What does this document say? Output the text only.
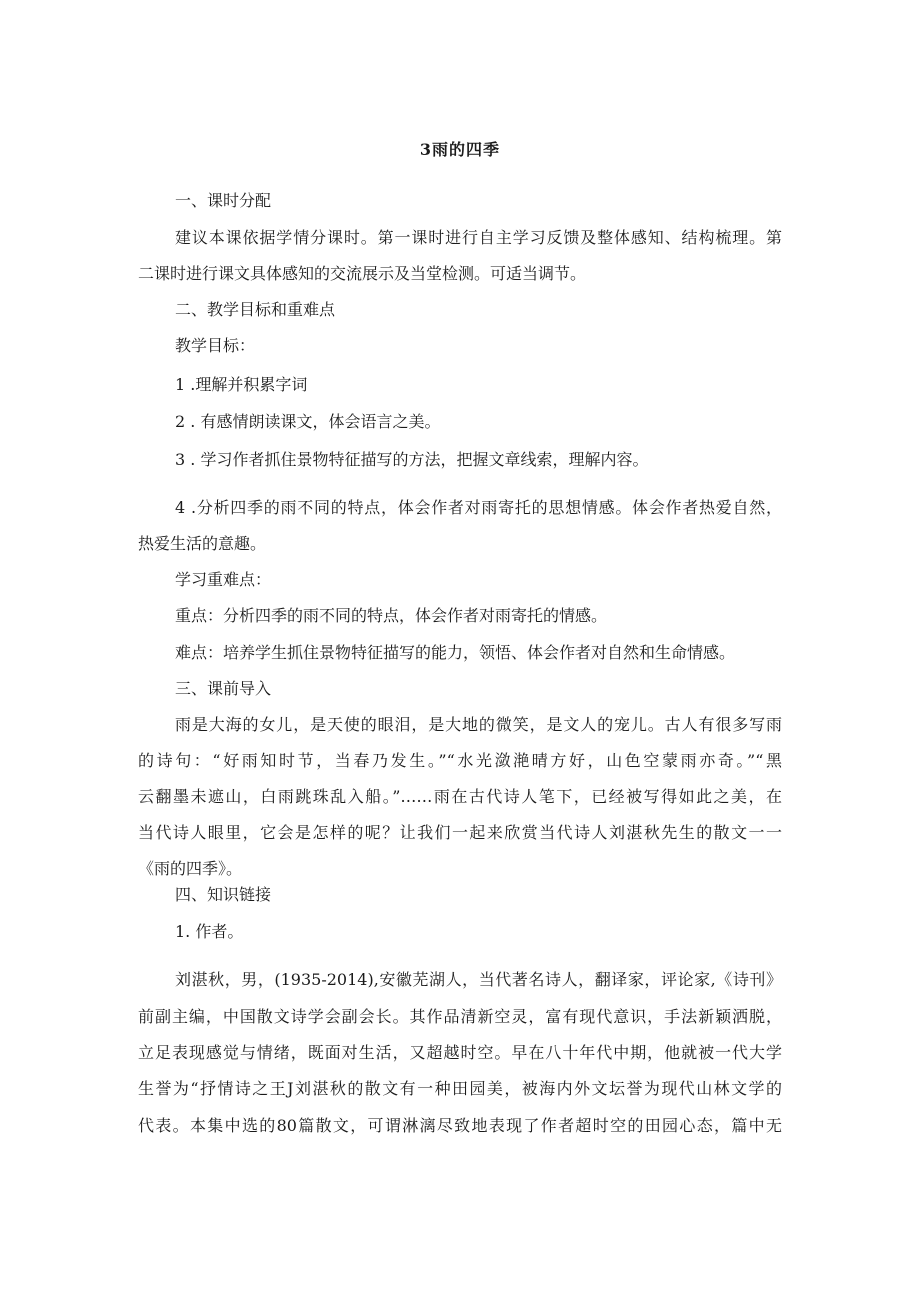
3雨的四季
一、课时分配
建议本课依据学情分课时。第一课时进行自主学习反馈及整体感知、结构梳理。第
二课时进行课文具体感知的交流展示及当堂检测。可适当调节。
二、教学目标和重难点
教学目标：
1 .理解并积累字词
2 . 有感情朗读课文，体会语言之美。
3 . 学习作者抓住景物特征描写的方法，把握文章线索，理解内容。
4 .分析四季的雨不同的特点，体会作者对雨寄托的思想情感。体会作者热爱自然，
热爱生活的意趣。
学习重难点：
重点：分析四季的雨不同的特点，体会作者对雨寄托的情感。
难点：培养学生抓住景物特征描写的能力，领悟、体会作者对自然和生命情感。
三、课前导入
雨是大海的女儿，是天使的眼泪，是大地的微笑，是文人的宠儿。古人有很多写雨
的诗句：“好雨知时节，当春乃发生。”“水光潋滟晴方好，山色空蒙雨亦奇。”“黑
云翻墨未遮山，白雨跳珠乱入船。”……雨在古代诗人笔下，已经被写得如此之美，在
当代诗人眼里，它会是怎样的呢？让我们一起来欣赏当代诗人刘湛秋先生的散文一一
《雨的四季》。
四、知识链接
1. 作者。
刘湛秋，男，(1935-2014),安徽芜湖人，当代著名诗人，翻译家，评论家,《诗刊》
前副主编，中国散文诗学会副会长。其作品清新空灵，富有现代意识，手法新颖洒脱，
立足表现感觉与情绪，既面对生活，又超越时空。早在八十年代中期，他就被一代大学
生誉为“抒情诗之王J刘湛秋的散文有一种田园美，被海内外文坛誉为现代山林文学的
代表。本集中选的80篇散文，可谓淋漓尽致地表现了作者超时空的田园心态，篇中无
